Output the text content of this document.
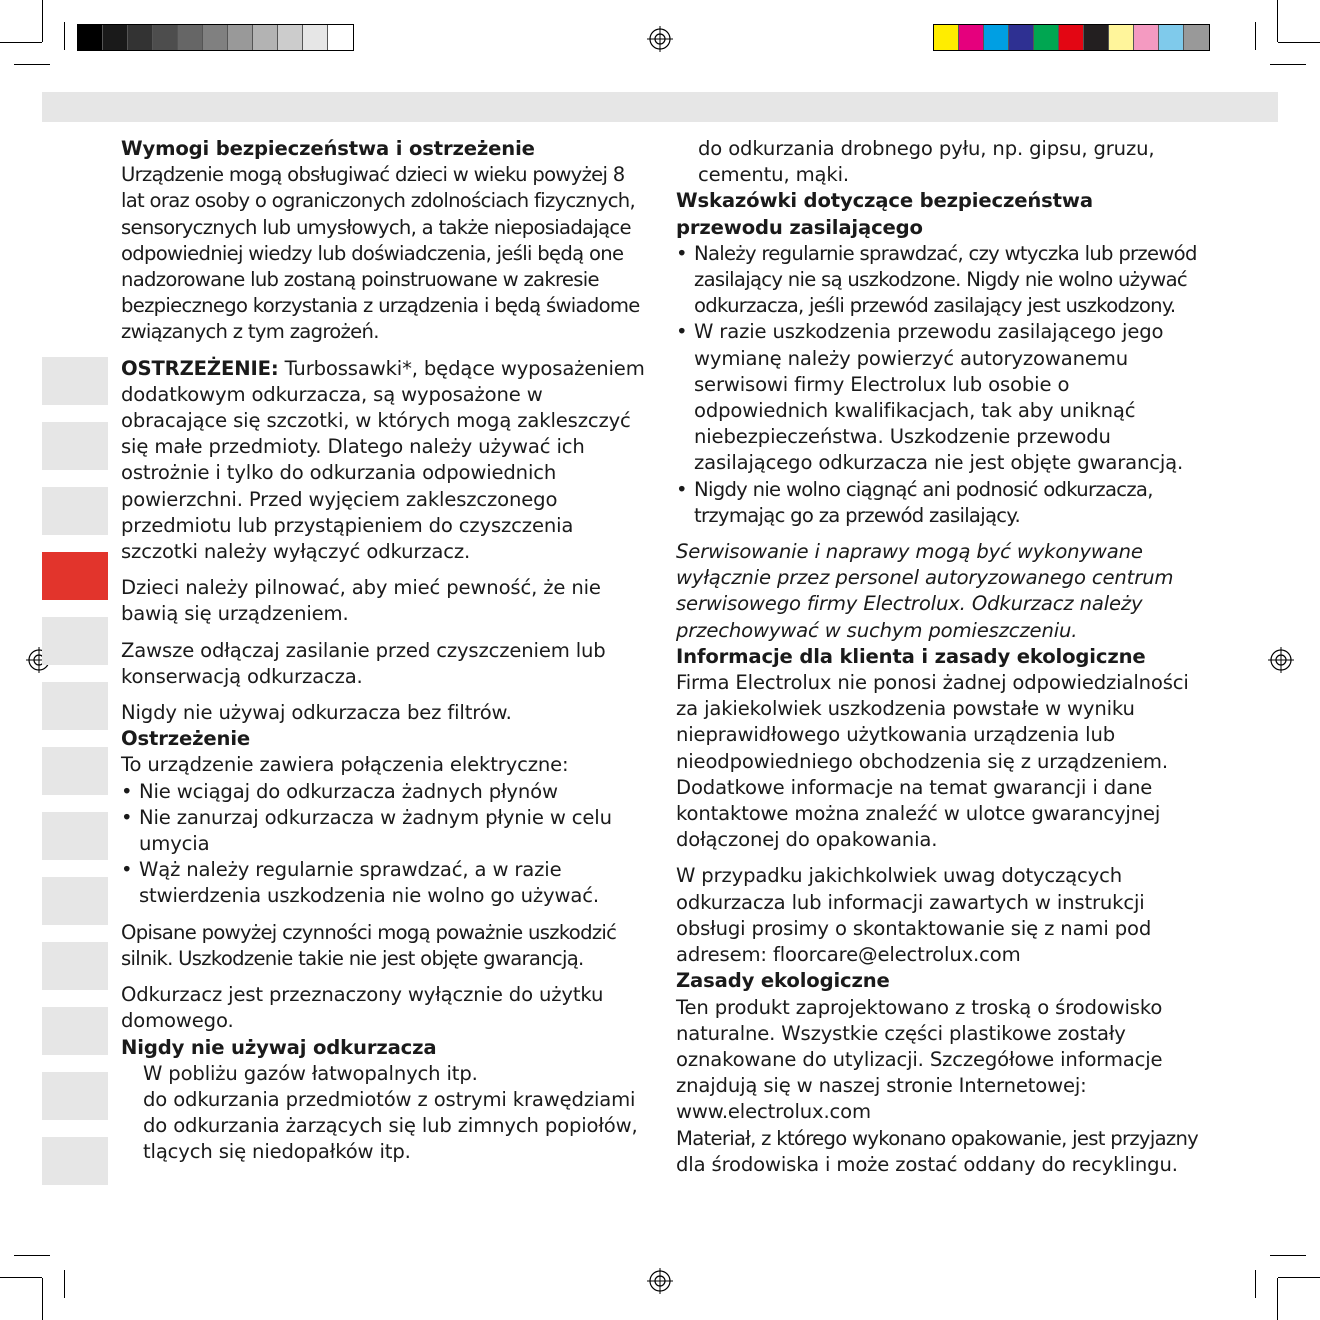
Wymogi bezpieczeństwa i ostrzeżenie

Urządzenie mogą obsługiwać dzieci w wieku powyżej 8 lat oraz osoby o ograniczonych zdolnościach fizycznych, sensorycznych lub umysłowych, a także nieposiadające odpowiedniej wiedzy lub doświadczenia, jeśli będą one nadzorowane lub zostaną poinstruowane w zakresie bezpiecznego korzystania z urządzenia i będą świadome związanych z tym zagrożeń.

OSTRZEŻENIE: Turbossawki*, będące wyposażeniem dodatkowym odkurzacza, są wyposażone w obracające się szczotki, w których mogą zakleszczyć się małe przedmioty. Dlatego należy używać ich ostrożnie i tylko do odkurzania odpowiednich powierzchni. Przed wyjęciem zakleszczonego przedmiotu lub przystąpieniem do czyszczenia szczotki należy wyłączyć odkurzacz.

Dzieci należy pilnować, aby mieć pewność, że nie bawią się urządzeniem.

Zawsze odłączaj zasilanie przed czyszczeniem lub konserwacją odkurzacza.

Nigdy nie używaj odkurzacza bez filtrów.

Ostrzeżenie

To urządzenie zawiera połączenia elektryczne:

• Nie wciągaj do odkurzacza żadnych płynów
• Nie zanurzaj odkurzacza w żadnym płynie w celu umycia
• Wąż należy regularnie sprawdzać, a w razie stwierdzenia uszkodzenia nie wolno go używać.

Opisane powyżej czynności mogą poważnie uszkodzić silnik. Uszkodzenie takie nie jest objęte gwarancją.

Odkurzacz jest przeznaczony wyłącznie do użytku domowego.

Nigdy nie używaj odkurzacza

W pobliżu gazów łatwopalnych itp.

do odkurzania przedmiotów z ostrymi krawędziami

do odkurzania żarzących się lub zimnych popiołów, tlących się niedopałków itp.

do odkurzania drobnego pyłu, np. gipsu, gruzu, cementu, mąki.

Wskazówki dotyczące bezpieczeństwa przewodu zasilającego

• Należy regularnie sprawdzać, czy wtyczka lub przewód zasilający nie są uszkodzone. Nigdy nie wolno używać odkurzacza, jeśli przewód zasilający jest uszkodzony.
• W razie uszkodzenia przewodu zasilającego jego wymianę należy powierzyć autoryzowanemu serwisowi firmy Electrolux lub osobie o odpowiednich kwalifikacjach, tak aby uniknąć niebezpieczeństwa. Uszkodzenie przewodu zasilającego odkurzacza nie jest objęte gwarancją.
• Nigdy nie wolno ciągnąć ani podnosić odkurzacza, trzymając go za przewód zasilający.

Serwisowanie i naprawy mogą być wykonywane wyłącznie przez personel autoryzowanego centrum serwisowego firmy Electrolux. Odkurzacz należy przechowywać w suchym pomieszczeniu.

Informacje dla klienta i zasady ekologiczne

Firma Electrolux nie ponosi żadnej odpowiedzialności za jakiekolwiek uszkodzenia powstałe w wyniku nieprawidłowego użytkowania urządzenia lub nieodpowiedniego obchodzenia się z urządzeniem. Dodatkowe informacje na temat gwarancji i dane kontaktowe można znaleźć w ulotce gwarancyjnej dołączonej do opakowania.

W przypadku jakichkolwiek uwag dotyczących odkurzacza lub informacji zawartych w instrukcji obsługi prosimy o skontaktowanie się z nami pod adresem: floorcare@electrolux.com

Zasady ekologiczne

Ten produkt zaprojektowano z troską o środowisko naturalne. Wszystkie części plastikowe zostały oznakowane do utylizacji. Szczegółowe informacje znajdują się w naszej stronie Internetowej: www.electrolux.com

Materiał, z którego wykonano opakowanie, jest przyjazny

dla środowiska i może zostać oddany do recyklingu.
